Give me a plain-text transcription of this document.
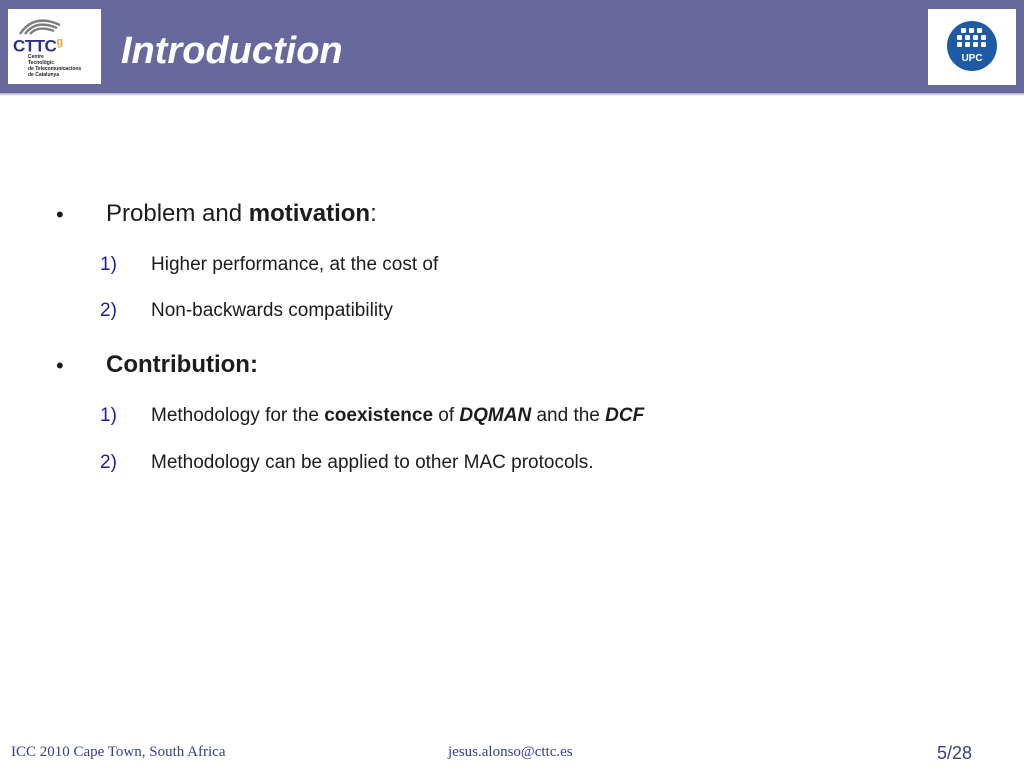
CTTC$^g$
Centre
Tecnològic
de Telecomunicacions
de Catalunya
Introduction	UPC
• Problem and motivation:
1) Higher performance, at the cost of
2) Non-backwards compatibility
• Contribution:
1) Methodology for the coexistence of DQMAN and the DCF
2) Methodology can be applied to other MAC protocols.
ICC 2010 Cape Town, South Africa	jesus.alonso@cttc.es	5/28
